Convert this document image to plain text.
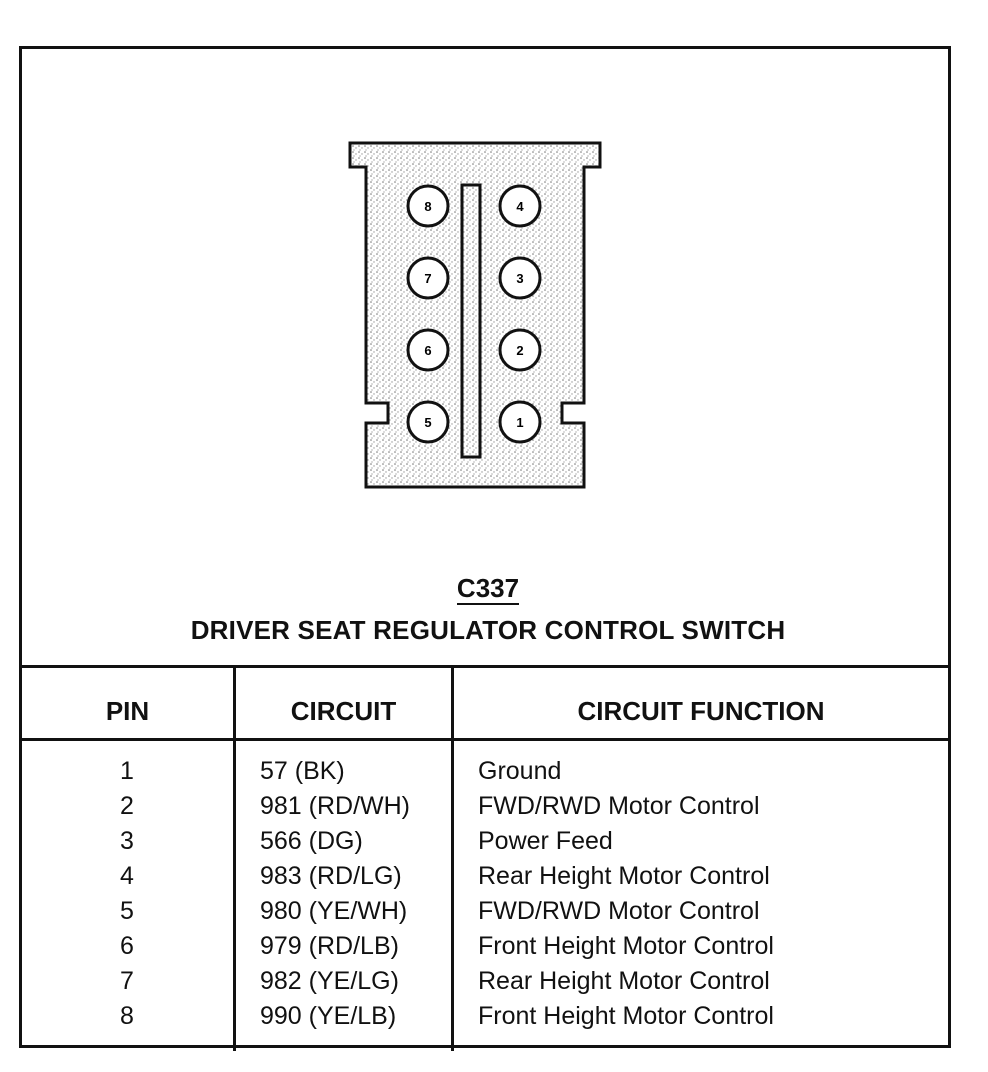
8
7
6
5
4
3
2
1
C337
DRIVER SEAT REGULATOR CONTROL SWITCH
PIN	CIRCUIT	CIRCUIT FUNCTION
1	57 (BK)	Ground
2	981 (RD/WH)	FWD/RWD Motor Control
3	566 (DG)	Power Feed
4	983 (RD/LG)	Rear Height Motor Control
5	980 (YE/WH)	FWD/RWD Motor Control
6	979 (RD/LB)	Front Height Motor Control
7	982 (YE/LG)	Rear Height Motor Control
8	990 (YE/LB)	Front Height Motor Control
